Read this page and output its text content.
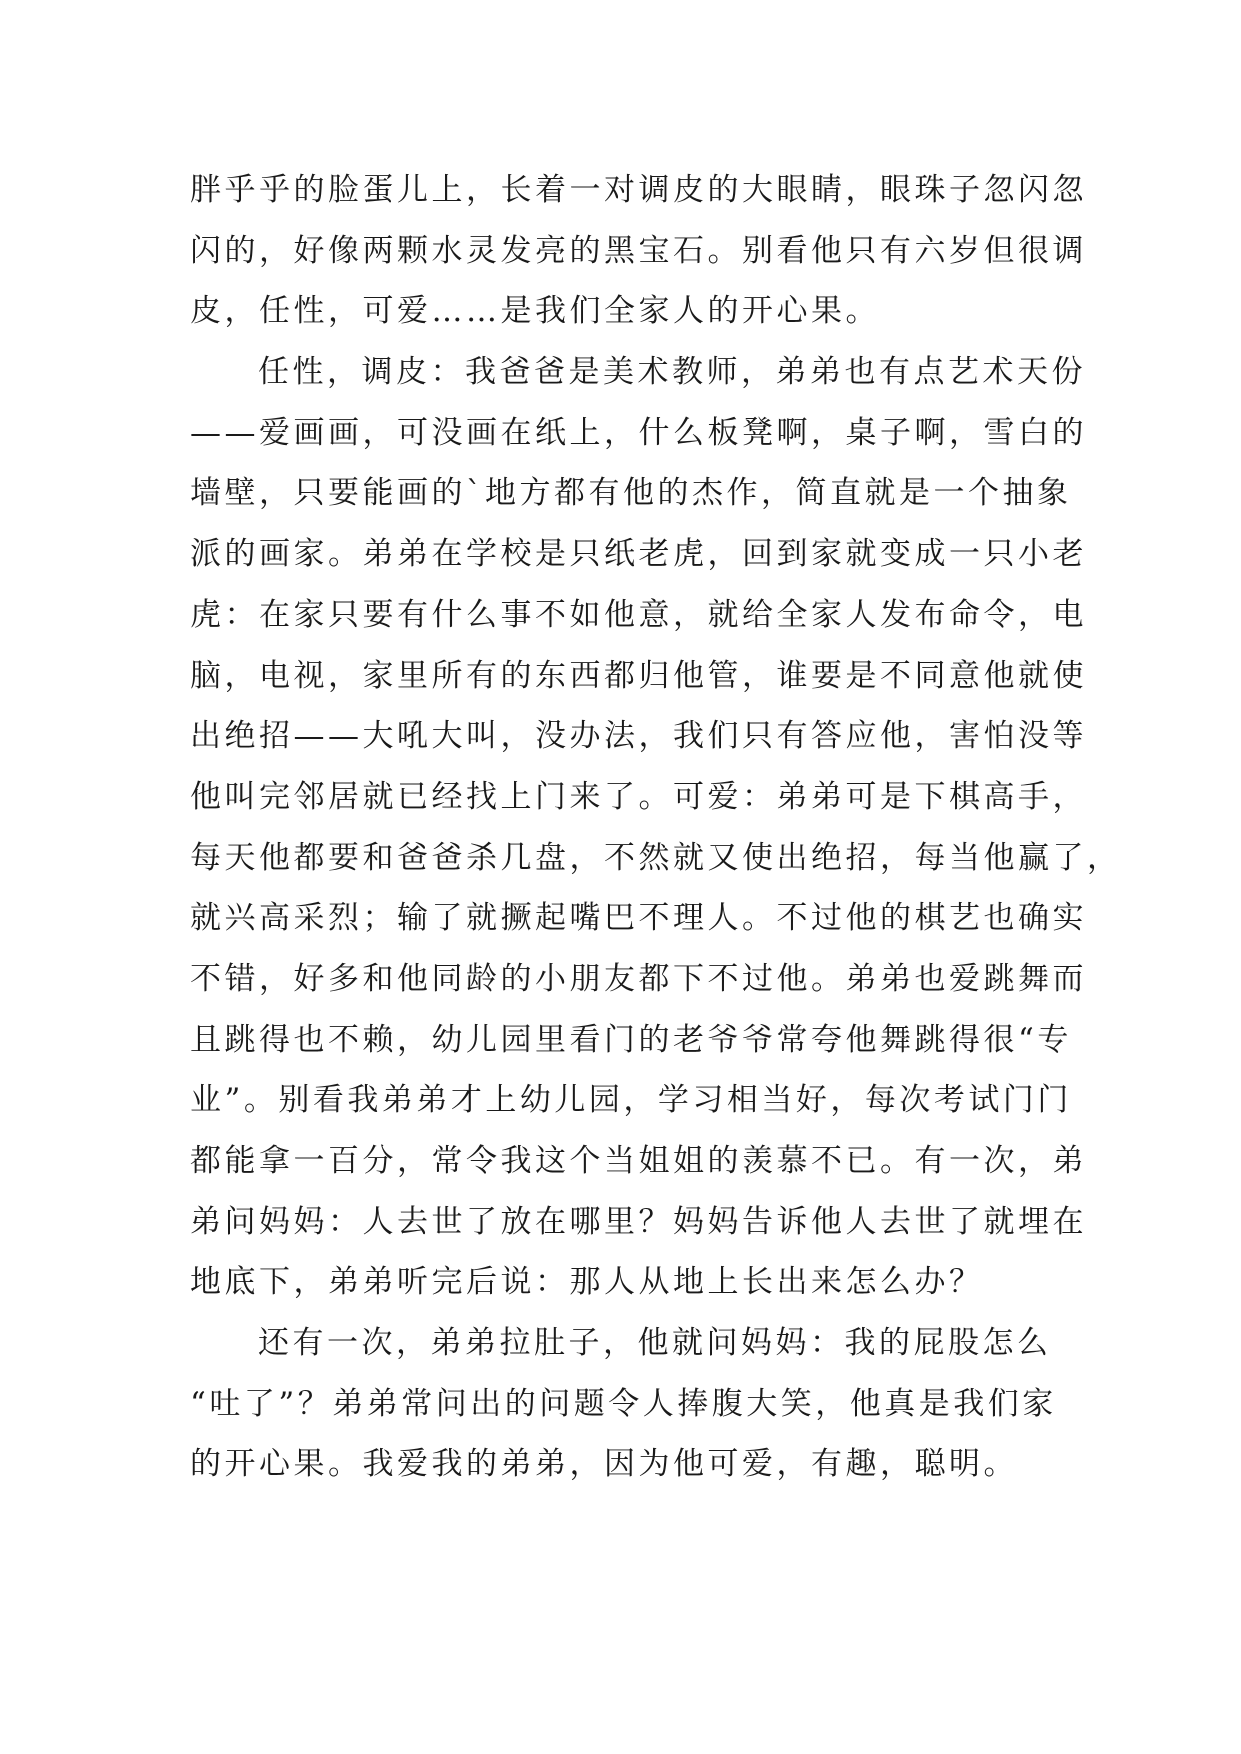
胖乎乎的脸蛋儿上，长着一对调皮的大眼睛，眼珠子忽闪忽
闪的，好像两颗水灵发亮的黑宝石。别看他只有六岁但很调
皮，任性，可爱……是我们全家人的开心果。
任性，调皮：我爸爸是美术教师，弟弟也有点艺术天份
——爱画画，可没画在纸上，什么板凳啊，桌子啊，雪白的
墙壁，只要能画的`地方都有他的杰作，简直就是一个抽象
派的画家。弟弟在学校是只纸老虎，回到家就变成一只小老
虎：在家只要有什么事不如他意，就给全家人发布命令，电
脑，电视，家里所有的东西都归他管，谁要是不同意他就使
出绝招——大吼大叫，没办法，我们只有答应他，害怕没等
他叫完邻居就已经找上门来了。可爱：弟弟可是下棋高手，
每天他都要和爸爸杀几盘，不然就又使出绝招，每当他赢了，
就兴高采烈；输了就撅起嘴巴不理人。不过他的棋艺也确实
不错，好多和他同龄的小朋友都下不过他。弟弟也爱跳舞而
且跳得也不赖，幼儿园里看门的老爷爷常夸他舞跳得很“专
业”。别看我弟弟才上幼儿园，学习相当好，每次考试门门
都能拿一百分，常令我这个当姐姐的羡慕不已。有一次，弟
弟问妈妈：人去世了放在哪里？妈妈告诉他人去世了就埋在
地底下，弟弟听完后说：那人从地上长出来怎么办？
还有一次，弟弟拉肚子，他就问妈妈：我的屁股怎么
“吐了”？弟弟常问出的问题令人捧腹大笑，他真是我们家
的开心果。我爱我的弟弟，因为他可爱，有趣，聪明。
